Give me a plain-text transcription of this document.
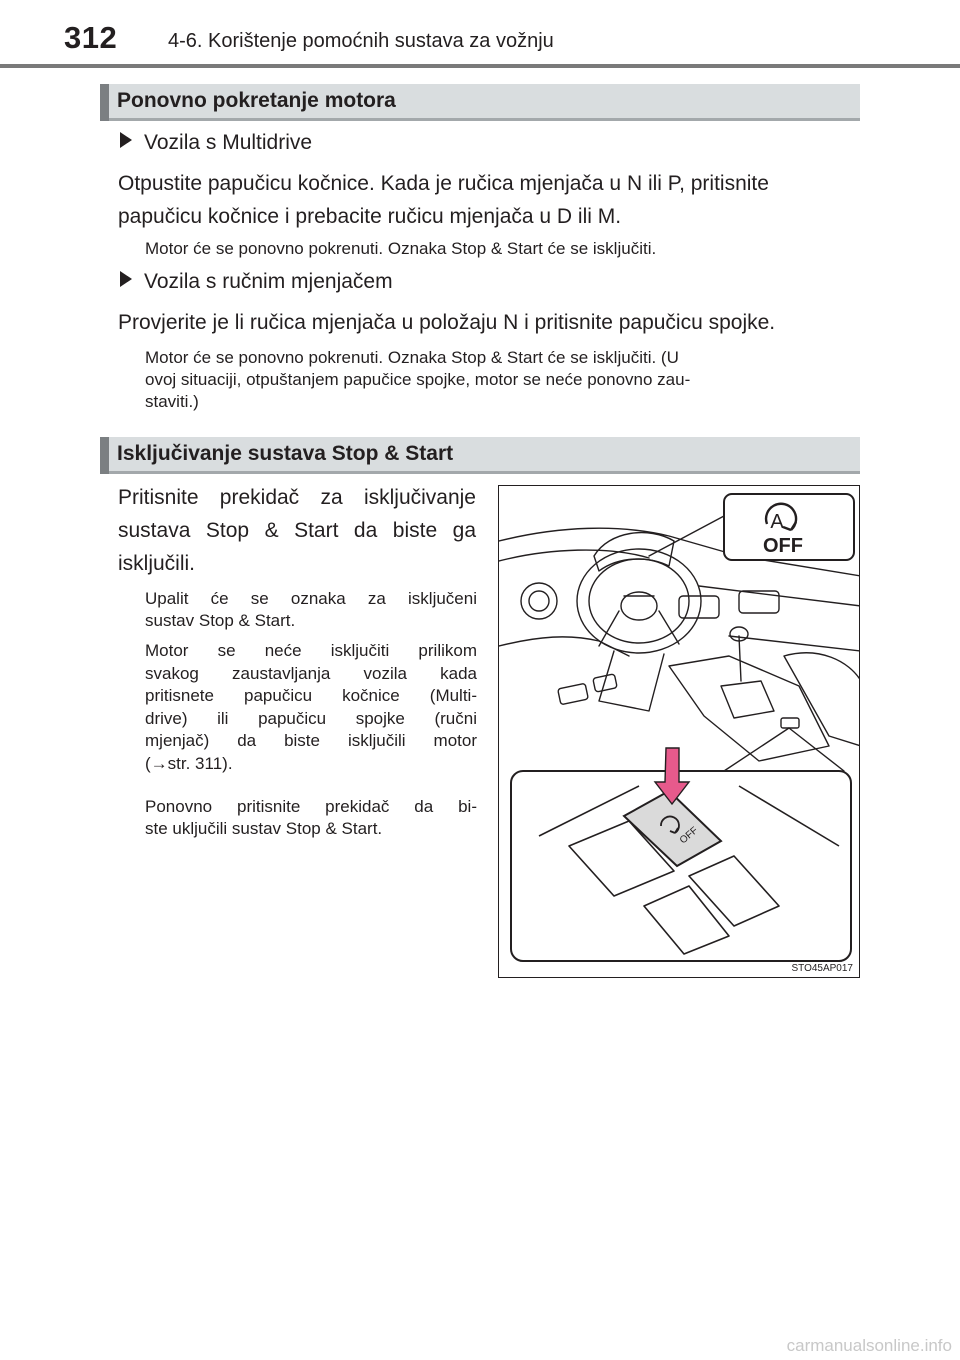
312	4-6. Korištenje pomoćnih sustava za vožnju
Ponovno pokretanje motora
Vozila s Multidrive
Otpustite papučicu kočnice. Kada je ručica mjenjača u N ili P, pritisnite
papučicu kočnice i prebacite ručicu mjenjača u D ili M.
Motor će se ponovno pokrenuti. Oznaka Stop & Start će se isključiti.
Vozila s ručnim mjenjačem
Provjerite je li ručica mjenjača u položaju N i pritisnite papučicu spojke.
Motor će se ponovno pokrenuti. Oznaka Stop & Start će se isključiti. (U
ovoj situaciji, otpuštanjem papučice spojke, motor se neće ponovno zau-
staviti.)
Isključivanje sustava Stop & Start
Pritisnite prekidač za isključivanje
sustava Stop & Start da biste ga
isključili.
Upalit će se oznaka za isključeni
sustav Stop & Start.
Motor se neće isključiti prilikom
svakog zaustavljanja vozila kada
pritisnete papučicu kočnice (Multi-
drive) ili papučicu spojke (ručni
mjenjač) da biste isključili motor
(→str. 311).
Ponovno pritisnite prekidač da bi-
ste uključili sustav Stop & Start.
A
OFF
OFF
STO45AP017
carmanualsonline.info
